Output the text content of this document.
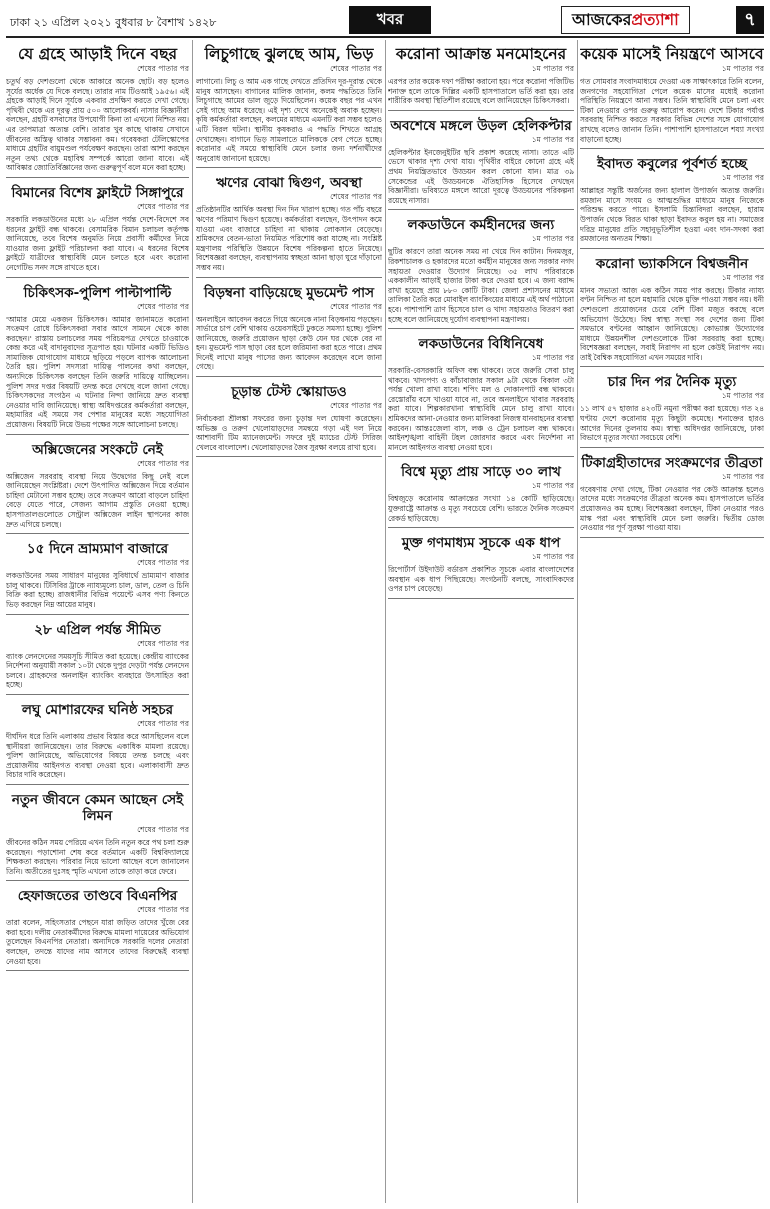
ঢাকা ২১ এপ্রিল ২০২১ বুধবার ৮ বৈশাখ ১৪২৮	খবর	আজকের প্রত্যাশা	৭
যে গ্রহে আড়াই দিনে বছর
শেষের পাতার পর

চতুর্থ বড় দেশগুলো থেকে আকারে অনেক ছোট। বড় হলেও সূর্যের অর্ধেক যে দিকে বলছে। তারার নাম টিওআই ১৯৫৬। এই গ্রহকে আড়াই দিনে সূর্যকে একবার প্রদক্ষিণ করতে দেখা গেছে। পৃথিবী থেকে এর দূরত্ব প্রায় ৫০০ আলোকবর্ষ। নাসার বিজ্ঞানীরা বলছেন, গ্রহটি বসবাসের উপযোগী কিনা তা এখনো নিশ্চিত নয়। এর তাপমাত্রা অত্যন্ত বেশি। তারার খুব কাছে থাকায় সেখানে জীবনের অস্তিত্ব থাকার সম্ভাবনা কম। গবেষকরা টেলিস্কোপের মাধ্যমে গ্রহটির বায়ুমণ্ডল পর্যবেক্ষণ করছেন। তারা আশা করছেন নতুন তথ্য থেকে মহাবিশ্ব সম্পর্কে আরো জানা যাবে। এই আবিষ্কার জ্যোতির্বিজ্ঞানের জন্য গুরুত্বপূর্ণ বলে মনে করা হচ্ছে।

বিমানের বিশেষ ফ্লাইটে সিঙ্গাপুরে
শেষের পাতার পর

সরকারি লকডাউনের মধ্যে ২৮ এপ্রিল পর্যন্ত দেশে-বিদেশে সব ধরনের ফ্লাইট বন্ধ থাকবে। বেসামরিক বিমান চলাচল কর্তৃপক্ষ জানিয়েছে, তবে বিশেষ অনুমতি নিয়ে প্রবাসী কর্মীদের নিয়ে যাওয়ার জন্য ফ্লাইট পরিচালনা করা যাবে। এ ধরনের বিশেষ ফ্লাইটে যাত্রীদের স্বাস্থ্যবিধি মেনে চলতে হবে এবং করোনা নেগেটিভ সনদ সঙ্গে রাখতে হবে।

চিকিৎসক-পুলিশ পাল্টাপাল্টি
শেষের পাতার পর

'আমার মেয়ে একজন চিকিৎসক। আমার জানামতে করোনা সংক্রমণ রোধে চিকিৎসকরা সবার আগে সামনে থেকে কাজ করছেন।' রাস্তায় চলাচলের সময় পরিচয়পত্র দেখতে চাওয়াকে কেন্দ্র করে এই বাদানুবাদের সূত্রপাত হয়। ঘটনার একটি ভিডিও সামাজিক যোগাযোগ মাধ্যমে ছড়িয়ে পড়লে ব্যাপক আলোচনা তৈরি হয়। পুলিশ সদস্যরা দায়িত্ব পালনের কথা বলছেন, অন্যদিকে চিকিৎসক বলছেন তিনি জরুরি দায়িত্বে যাচ্ছিলেন। পুলিশ সদর দপ্তর বিষয়টি তদন্ত করে দেখছে বলে জানা গেছে। চিকিৎসকদের সংগঠন এ ঘটনার নিন্দা জানিয়ে দ্রুত ব্যবস্থা নেওয়ার দাবি জানিয়েছে। স্বাস্থ্য অধিদপ্তরের কর্মকর্তারা বলছেন, মহামারির এই সময়ে সব পেশার মানুষের মধ্যে সহযোগিতা প্রয়োজন। বিষয়টি নিয়ে উভয় পক্ষের সঙ্গে আলোচনা চলছে।

অক্সিজেনের সংকটে নেই
শেষের পাতার পর

অক্সিজেন সরবরাহ ব্যবস্থা নিয়ে উদ্বেগের কিছু নেই বলে জানিয়েছেন সংশ্লিষ্টরা। দেশে উৎপাদিত অক্সিজেন দিয়ে বর্তমান চাহিদা মেটানো সম্ভব হচ্ছে। তবে সংক্রমণ আরো বাড়লে চাহিদা বেড়ে যেতে পারে, সেজন্য আগাম প্রস্তুতি নেওয়া হচ্ছে। হাসপাতালগুলোতে সেন্ট্রাল অক্সিজেন লাইন স্থাপনের কাজ দ্রুত এগিয়ে চলছে।

১৫ দিনে ভ্রাম্যমাণ বাজারে
শেষের পাতার পর

লকডাউনের সময় সাধারণ মানুষের সুবিধার্থে ভ্রাম্যমাণ বাজার চালু থাকবে। টিসিবির ট্রাকে ন্যায্যমূল্যে চাল, ডাল, তেল ও চিনি বিক্রি করা হচ্ছে। রাজধানীর বিভিন্ন পয়েন্টে এসব পণ্য কিনতে ভিড় করছেন নিম্ন আয়ের মানুষ।

২৮ এপ্রিল পর্যন্ত সীমিত
শেষের পাতার পর

ব্যাংক লেনদেনের সময়সূচি সীমিত করা হয়েছে। কেন্দ্রীয় ব্যাংকের নির্দেশনা অনুযায়ী সকাল ১০টা থেকে দুপুর দেড়টা পর্যন্ত লেনদেন চলবে। গ্রাহকদের অনলাইন ব্যাংকিং ব্যবহারে উৎসাহিত করা হচ্ছে।

লঘু মোশারফের ঘনিষ্ঠ সহচর
শেষের পাতার পর

দীর্ঘদিন ধরে তিনি এলাকায় প্রভাব বিস্তার করে আসছিলেন বলে স্থানীয়রা জানিয়েছেন। তার বিরুদ্ধে একাধিক মামলা রয়েছে। পুলিশ জানিয়েছে, অভিযোগের বিষয়ে তদন্ত চলছে এবং প্রয়োজনীয় আইনগত ব্যবস্থা নেওয়া হবে। এলাকাবাসী দ্রুত বিচার দাবি করেছেন।

নতুন জীবনে কেমন আছেন সেই লিমন
শেষের পাতার পর

জীবনের কঠিন সময় পেরিয়ে এখন তিনি নতুন করে পথ চলা শুরু করেছেন। পড়াশোনা শেষ করে বর্তমানে একটি বিশ্ববিদ্যালয়ে শিক্ষকতা করছেন। পরিবার নিয়ে ভালো আছেন বলে জানালেন তিনি। অতীতের দুঃসহ স্মৃতি এখনো তাকে তাড়া করে ফেরে।

হেফাজতের তাণ্ডবে বিএনপির
শেষের পাতার পর

তারা বলেন, সহিংসতার পেছনে যারা জড়িত তাদের খুঁজে বের করা হবে। দলীয় নেতাকর্মীদের বিরুদ্ধে মামলা দায়েরের অভিযোগ তুলেছেন বিএনপির নেতারা। অন্যদিকে সরকারি দলের নেতারা বলছেন, তদন্তে যাদের নাম আসবে তাদের বিরুদ্ধেই ব্যবস্থা নেওয়া হবে।

লিচুগাছে ঝুলছে আম, ভিড়
শেষের পাতার পর

লাগানো। লিচু ও আম এক গাছে দেখতে প্রতিদিন দূর-দূরান্ত থেকে মানুষ আসছেন। বাগানের মালিক জানান, কলম পদ্ধতিতে তিনি লিচুগাছে আমের ডাল জুড়ে দিয়েছিলেন। কয়েক বছর পর এখন সেই গাছে আম ধরেছে। এই দৃশ্য দেখে অনেকেই অবাক হচ্ছেন। কৃষি কর্মকর্তারা বলছেন, কলমের মাধ্যমে এমনটি করা সম্ভব হলেও এটি বিরল ঘটনা। স্থানীয় কৃষকরাও এ পদ্ধতি শিখতে আগ্রহ দেখাচ্ছেন। বাগানে ভিড় সামলাতে মালিককে বেগ পেতে হচ্ছে। করোনার এই সময়ে স্বাস্থ্যবিধি মেনে চলার জন্য দর্শনার্থীদের অনুরোধ জানানো হয়েছে।

ঋণের বোঝা দ্বিগুণ, অবস্থা
শেষের পাতার পর

প্রতিষ্ঠানটির আর্থিক অবস্থা দিন দিন খারাপ হচ্ছে। গত পাঁচ বছরে ঋণের পরিমাণ দ্বিগুণ হয়েছে। কর্মকর্তারা বলছেন, উৎপাদন কমে যাওয়া এবং বাজারে চাহিদা না থাকায় লোকসান বেড়েছে। শ্রমিকদের বেতন-ভাতা নিয়মিত পরিশোধ করা যাচ্ছে না। সংশ্লিষ্ট মন্ত্রণালয় পরিস্থিতি উন্নয়নে বিশেষ পরিকল্পনা হাতে নিয়েছে। বিশেষজ্ঞরা বলছেন, ব্যবস্থাপনায় স্বচ্ছতা আনা ছাড়া ঘুরে দাঁড়ানো সম্ভব নয়।

বিড়ম্বনা বাড়িয়েছে মুভমেন্ট পাস
শেষের পাতার পর

অনলাইনে আবেদন করতে গিয়ে অনেকে নানা বিড়ম্বনায় পড়ছেন। সার্ভারে চাপ বেশি থাকায় ওয়েবসাইটে ঢুকতে সমস্যা হচ্ছে। পুলিশ জানিয়েছে, জরুরি প্রয়োজন ছাড়া কেউ যেন ঘর থেকে বের না হন। মুভমেন্ট পাস ছাড়া বের হলে জরিমানা করা হতে পারে। প্রথম দিনেই লাখো মানুষ পাসের জন্য আবেদন করেছেন বলে জানা গেছে।

চূড়ান্ত টেস্ট স্কোয়াডও
শেষের পাতার পর

নির্বাচকরা শ্রীলঙ্কা সফরের জন্য চূড়ান্ত দল ঘোষণা করেছেন। অভিজ্ঞ ও তরুণ খেলোয়াড়দের সমন্বয়ে গড়া এই দল নিয়ে আশাবাদী টিম ম্যানেজমেন্ট। সফরে দুই ম্যাচের টেস্ট সিরিজ খেলবে বাংলাদেশ। খেলোয়াড়দের জৈব সুরক্ষা বলয়ে রাখা হবে।

করোনা আক্রান্ত মনমোহনের
১ম পাতার পর

এরপর তার কয়েক দফা পরীক্ষা করানো হয়। পরে করোনা পজিটিভ শনাক্ত হলে তাকে দিল্লির একটি হাসপাতালে ভর্তি করা হয়। তার শারীরিক অবস্থা স্থিতিশীল রয়েছে বলে জানিয়েছেন চিকিৎসকরা।

অবশেষে মঙ্গলে উড়ল হেলিকপ্টার
১ম পাতার পর

হেলিকপ্টার ইনজেনুইটির ছবি প্রকাশ করেছে নাসা। তাতে এটি ভেসে থাকার দৃশ্য দেখা যায়। পৃথিবীর বাইরে কোনো গ্রহে এই প্রথম নিয়ন্ত্রিতভাবে উড্ডয়ন করল কোনো যান। মাত্র ৩৯ সেকেন্ডের এই উড্ডয়নকে ঐতিহাসিক হিসেবে দেখছেন বিজ্ঞানীরা। ভবিষ্যতে মঙ্গলে আরো দূরত্বে উড্ডয়নের পরিকল্পনা রয়েছে নাসার।

লকডাউনে কর্মহীনদের জন্য
১ম পাতার পর

ছুটির কারণে তারা অনেক সময় না খেয়ে দিন কাটান। দিনমজুর, রিকশাচালক ও হকারদের মতো কর্মহীন মানুষের জন্য সরকার নগদ সহায়তা দেওয়ার উদ্যোগ নিয়েছে। ৩৫ লাখ পরিবারকে এককালীন আড়াই হাজার টাকা করে দেওয়া হবে। এ জন্য বরাদ্দ রাখা হয়েছে প্রায় ৮৮০ কোটি টাকা। জেলা প্রশাসনের মাধ্যমে তালিকা তৈরি করে মোবাইল ব্যাংকিংয়ের মাধ্যমে এই অর্থ পাঠানো হবে। পাশাপাশি ত্রাণ হিসেবে চাল ও খাদ্য সহায়তাও বিতরণ করা হচ্ছে বলে জানিয়েছে দুর্যোগ ব্যবস্থাপনা মন্ত্রণালয়।

লকডাউনের বিধিনিষেধ
১ম পাতার পর

সরকারি-বেসরকারি অফিস বন্ধ থাকবে। তবে জরুরি সেবা চালু থাকবে। খাদ্যপণ্য ও কাঁচাবাজার সকাল ৯টা থেকে বিকাল ৩টা পর্যন্ত খোলা রাখা যাবে। শপিং মল ও দোকানপাট বন্ধ থাকবে। রেস্তোরাঁয় বসে খাওয়া যাবে না, তবে অনলাইনে খাবার সরবরাহ করা যাবে। শিল্পকারখানা স্বাস্থ্যবিধি মেনে চালু রাখা যাবে। শ্রমিকদের আনা-নেওয়ার জন্য মালিকরা নিজস্ব যানবাহনের ব্যবস্থা করবেন। আন্তঃজেলা বাস, লঞ্চ ও ট্রেন চলাচল বন্ধ থাকবে। আইনশৃঙ্খলা বাহিনী টহল জোরদার করবে এবং নির্দেশনা না মানলে আইনগত ব্যবস্থা নেওয়া হবে।

বিশ্বে মৃত্যু প্রায় সাড়ে ৩০ লাখ
১ম পাতার পর

বিশ্বজুড়ে করোনায় আক্রান্তের সংখ্যা ১৪ কোটি ছাড়িয়েছে। যুক্তরাষ্ট্রে আক্রান্ত ও মৃত্যু সবচেয়ে বেশি। ভারতে দৈনিক সংক্রমণ রেকর্ড ছাড়িয়েছে।

মুক্ত গণমাধ্যম সূচকে এক ধাপ
১ম পাতার পর

রিপোর্টার্স উইদাউট বর্ডারস প্রকাশিত সূচকে এবার বাংলাদেশের অবস্থান এক ধাপ পিছিয়েছে। সংগঠনটি বলছে, সাংবাদিকদের ওপর চাপ বেড়েছে।

কয়েক মাসেই নিয়ন্ত্রণে আসবে
১ম পাতার পর

গত সোমবার সংবাদমাধ্যমে দেওয়া এক সাক্ষাৎকারে তিনি বলেন, জনগণের সহযোগিতা পেলে কয়েক মাসের মধ্যেই করোনা পরিস্থিতি নিয়ন্ত্রণে আনা সম্ভব। তিনি স্বাস্থ্যবিধি মেনে চলা এবং টিকা নেওয়ার ওপর গুরুত্ব আরোপ করেন। দেশে টিকার পর্যাপ্ত সরবরাহ নিশ্চিত করতে সরকার বিভিন্ন দেশের সঙ্গে যোগাযোগ রাখছে বলেও জানান তিনি। পাশাপাশি হাসপাতালে শয্যা সংখ্যা বাড়ানো হচ্ছে।

ইবাদত কবুলের পূর্বশর্ত হচ্ছে
১ম পাতার পর

আল্লাহর সন্তুষ্টি অর্জনের জন্য হালাল উপার্জন অত্যন্ত জরুরি। রমজান মাসে সংযম ও আত্মশুদ্ধির মাধ্যমে মানুষ নিজেকে পরিশুদ্ধ করতে পারে। ইসলামি চিন্তাবিদরা বলছেন, হারাম উপার্জন থেকে বিরত থাকা ছাড়া ইবাদত কবুল হয় না। সমাজের দরিদ্র মানুষের প্রতি সহানুভূতিশীল হওয়া এবং দান-সদকা করা রমজানের অন্যতম শিক্ষা।

করোনা ভ্যাকসিনে বিশ্বজনীন
১ম পাতার পর

মানব সভ্যতা আজ এক কঠিন সময় পার করছে। টিকার ন্যায্য বণ্টন নিশ্চিত না হলে মহামারি থেকে মুক্তি পাওয়া সম্ভব নয়। ধনী দেশগুলো প্রয়োজনের চেয়ে বেশি টিকা মজুত করছে বলে অভিযোগ উঠেছে। বিশ্ব স্বাস্থ্য সংস্থা সব দেশের জন্য টিকা সমভাবে বণ্টনের আহ্বান জানিয়েছে। কোভ্যাক্স উদ্যোগের মাধ্যমে উন্নয়নশীল দেশগুলোকে টিকা সরবরাহ করা হচ্ছে। বিশেষজ্ঞরা বলছেন, সবাই নিরাপদ না হলে কেউই নিরাপদ নয়। তাই বৈশ্বিক সহযোগিতা এখন সময়ের দাবি।

চার দিন পর দৈনিক মৃত্যু
১ম পাতার পর

১১ লাখ ৫৭ হাজার ৪২৩টি নমুনা পরীক্ষা করা হয়েছে। গত ২৪ ঘণ্টায় দেশে করোনায় মৃত্যু কিছুটা কমেছে। শনাক্তের হারও আগের দিনের তুলনায় কম। স্বাস্থ্য অধিদপ্তর জানিয়েছে, ঢাকা বিভাগে মৃত্যুর সংখ্যা সবচেয়ে বেশি।

টিকাগ্রহীতাদের সংক্রমণের তীব্রতা
১ম পাতার পর

গবেষণায় দেখা গেছে, টিকা নেওয়ার পর কেউ আক্রান্ত হলেও তাদের মধ্যে সংক্রমণের তীব্রতা অনেক কম। হাসপাতালে ভর্তির প্রয়োজনও কম হচ্ছে। বিশেষজ্ঞরা বলছেন, টিকা নেওয়ার পরও মাস্ক পরা এবং স্বাস্থ্যবিধি মেনে চলা জরুরি। দ্বিতীয় ডোজ নেওয়ার পর পূর্ণ সুরক্ষা পাওয়া যায়।
